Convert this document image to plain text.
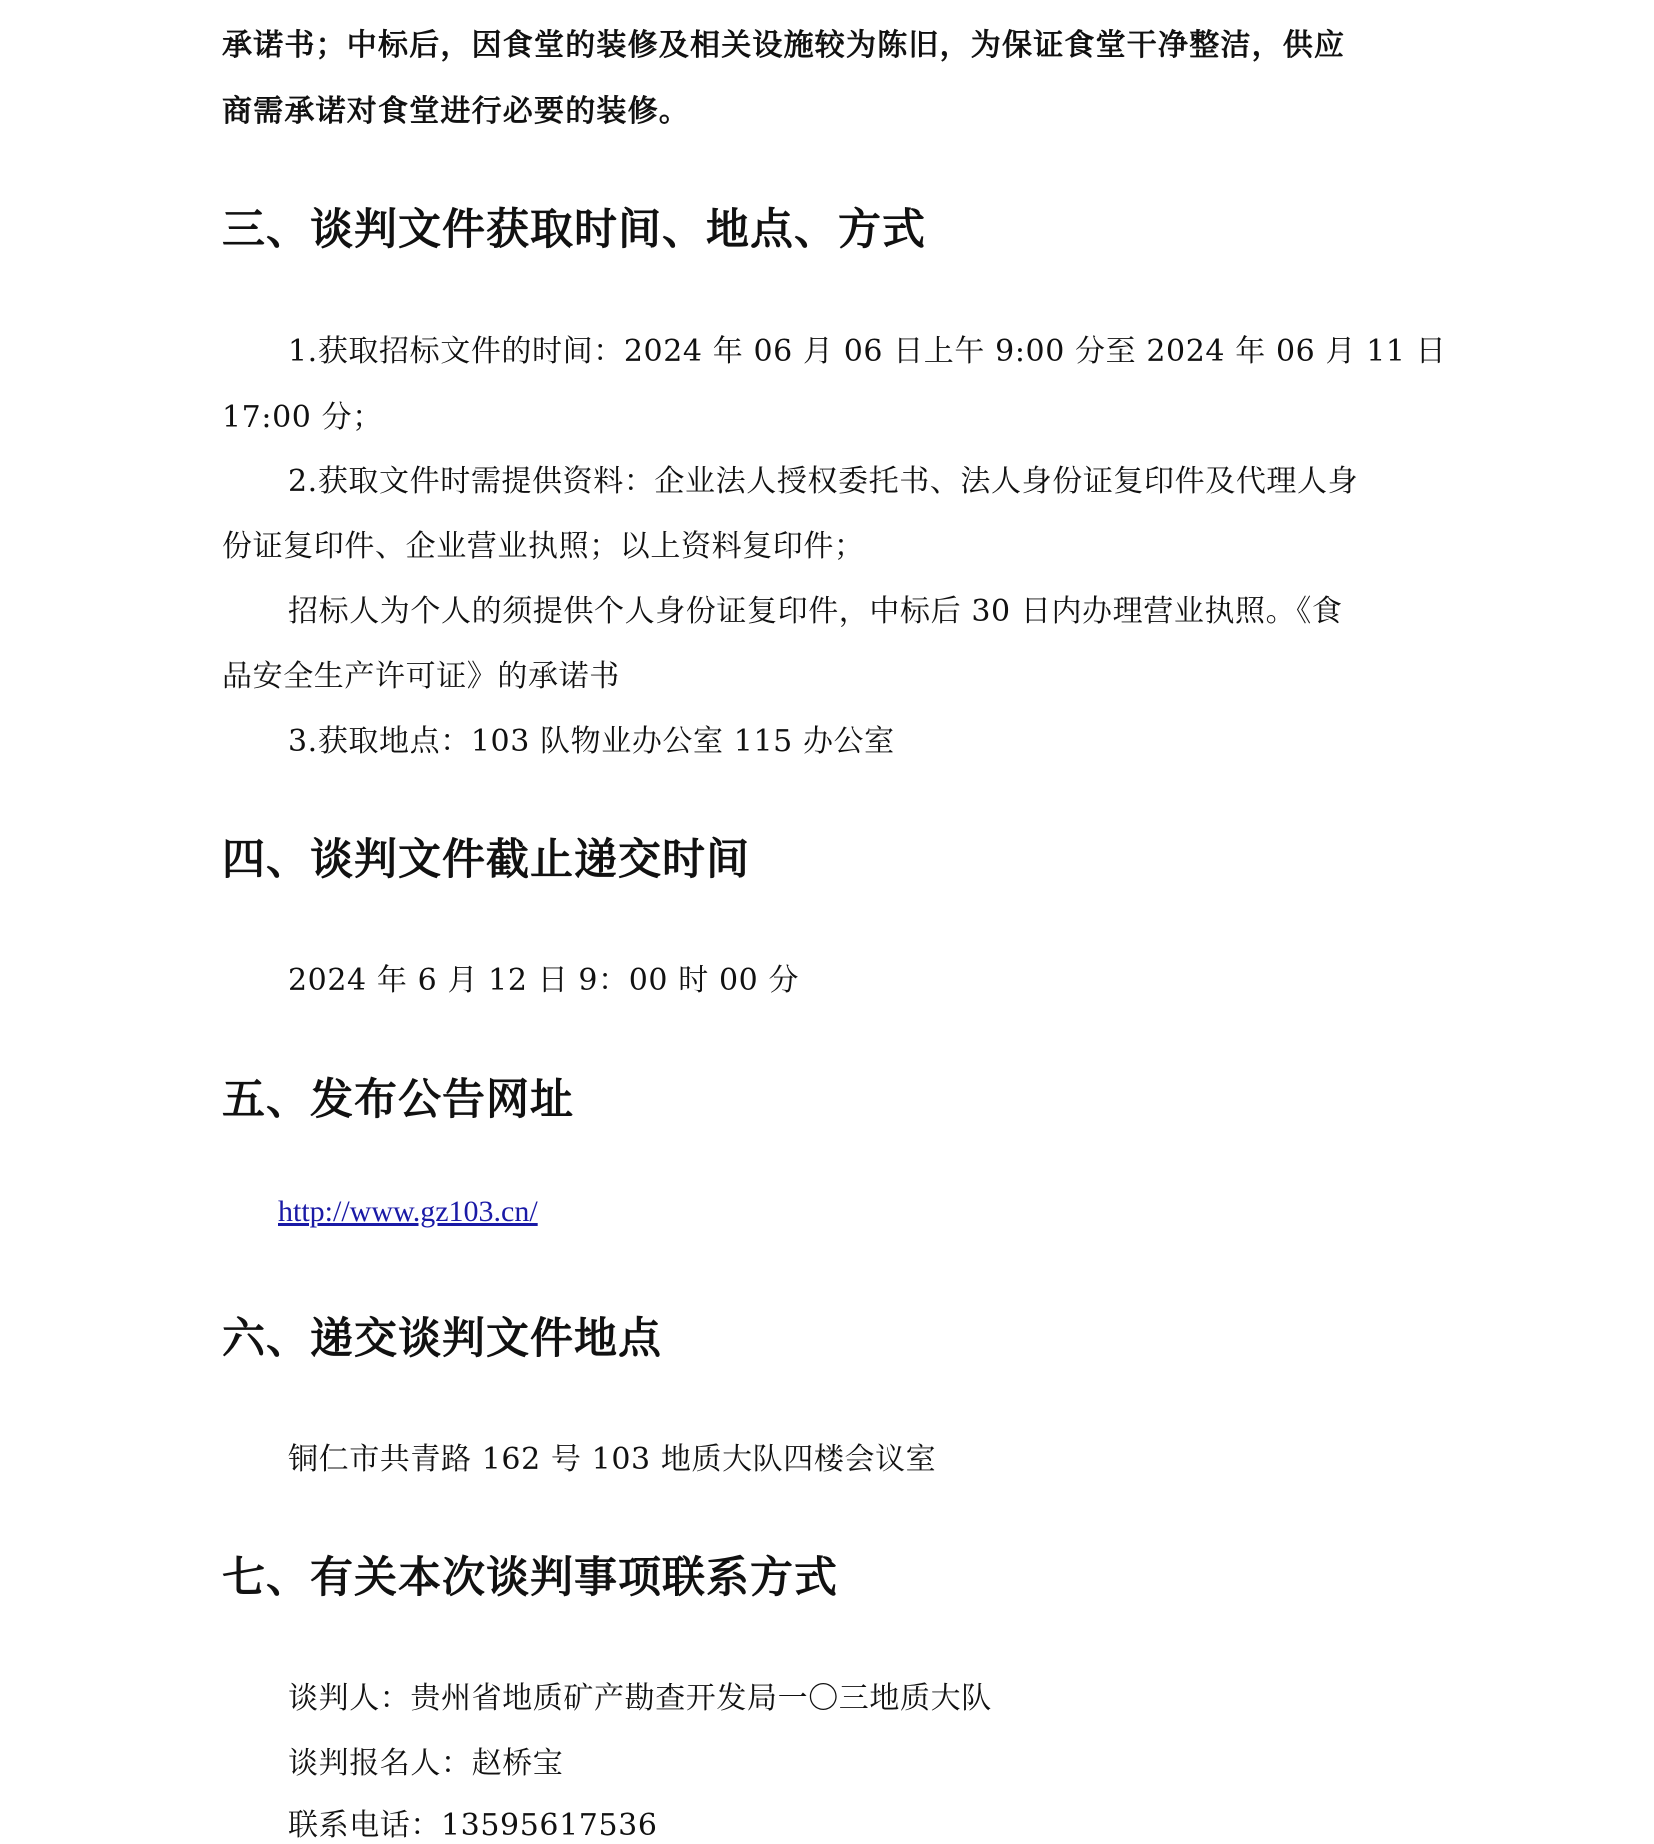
承诺书；中标后，因食堂的装修及相关设施较为陈旧，为保证食堂干净整洁，供应

商需承诺对食堂进行必要的装修。

三、谈判文件获取时间、地点、方式

1.获取招标文件的时间：2024 年 06 月 06 日上午 9:00 分至 2024 年 06 月 11 日

17:00 分；

2.获取文件时需提供资料：企业法人授权委托书、法人身份证复印件及代理人身

份证复印件、企业营业执照；以上资料复印件；

招标人为个人的须提供个人身份证复印件，中标后 30 日内办理营业执照。《食

品安全生产许可证》的承诺书

3.获取地点：103 队物业办公室 115 办公室

四、谈判文件截止递交时间

2024 年 6 月 12 日 9：00 时 00 分

五、发布公告网址
http://www.gz103.cn/
六、递交谈判文件地点

铜仁市共青路 162 号 103 地质大队四楼会议室

七、有关本次谈判事项联系方式

谈判人：贵州省地质矿产勘查开发局一〇三地质大队

谈判报名人：赵桥宝

联系电话：13595617536
